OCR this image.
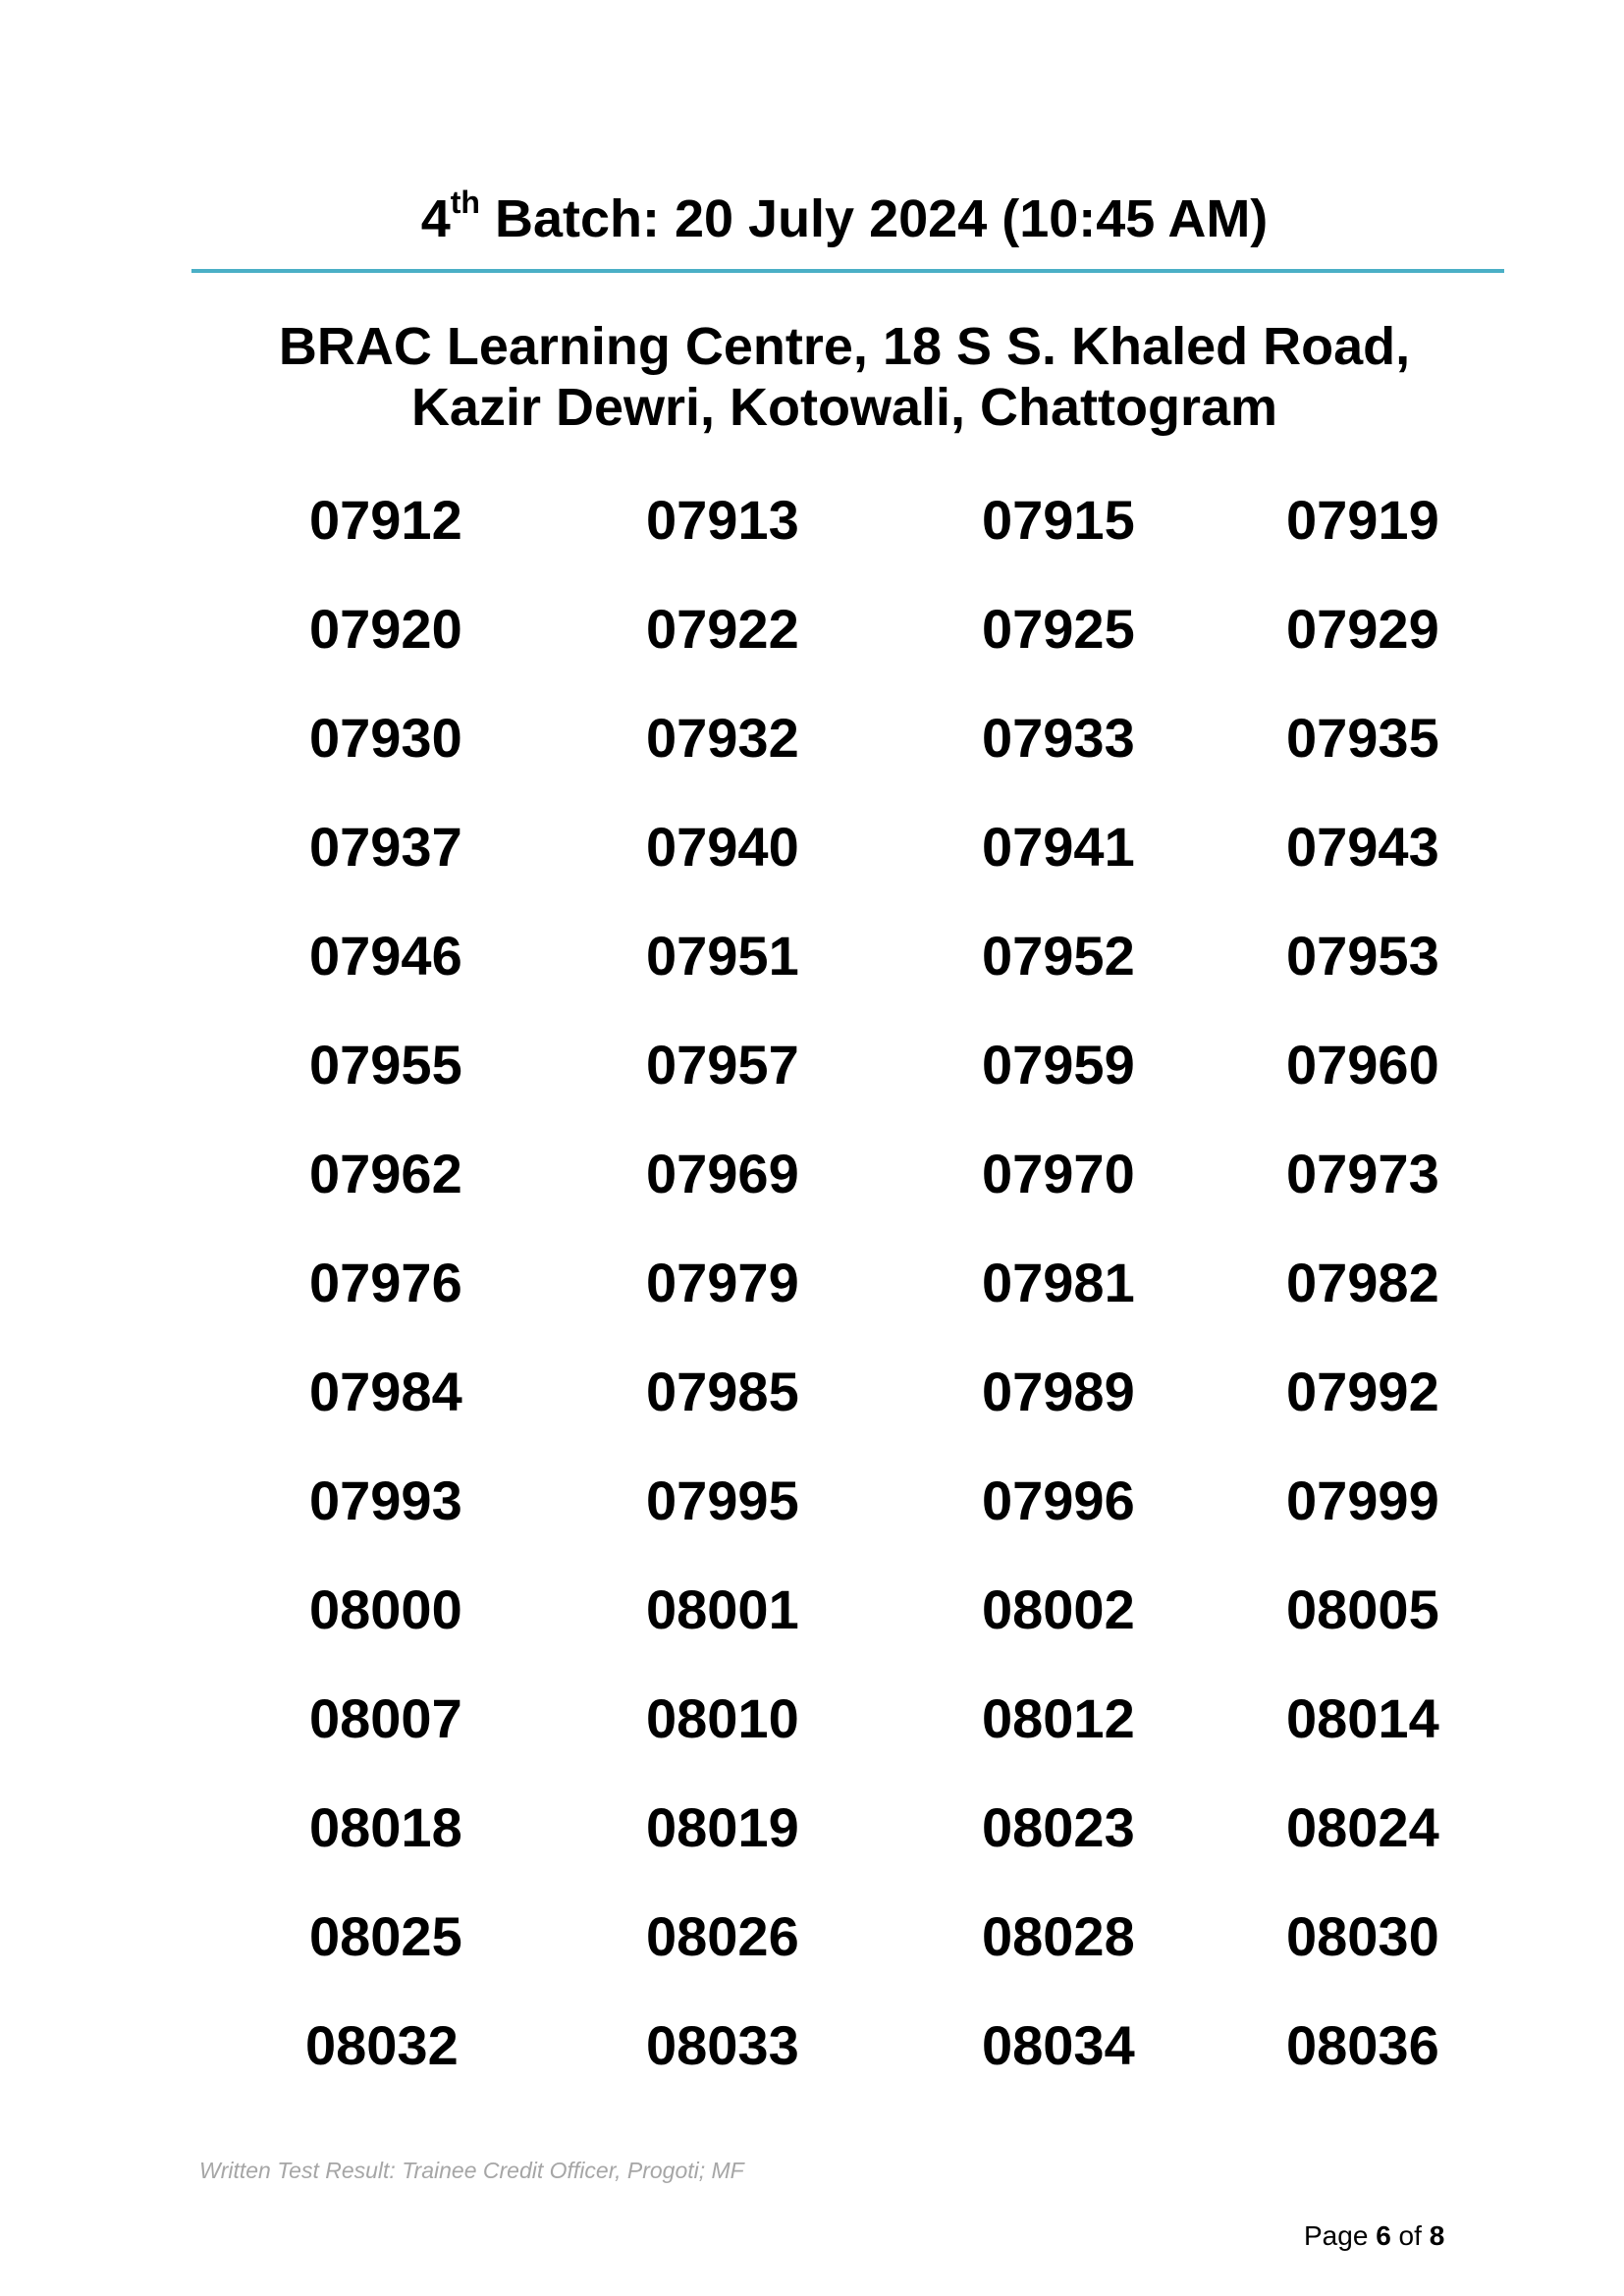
4th Batch: 20 July 2024 (10:45 AM)
BRAC Learning Centre, 18 S S. Khaled Road,
Kazir Dewri, Kotowali, Chattogram
07912	07913	07915	07919
07920	07922	07925	07929
07930	07932	07933	07935
07937	07940	07941	07943
07946	07951	07952	07953
07955	07957	07959	07960
07962	07969	07970	07973
07976	07979	07981	07982
07984	07985	07989	07992
07993	07995	07996	07999
08000	08001	08002	08005
08007	08010	08012	08014
08018	08019	08023	08024
08025	08026	08028	08030
08032	08033	08034	08036
Written Test Result: Trainee Credit Officer, Progoti; MF
Page 6 of 8
